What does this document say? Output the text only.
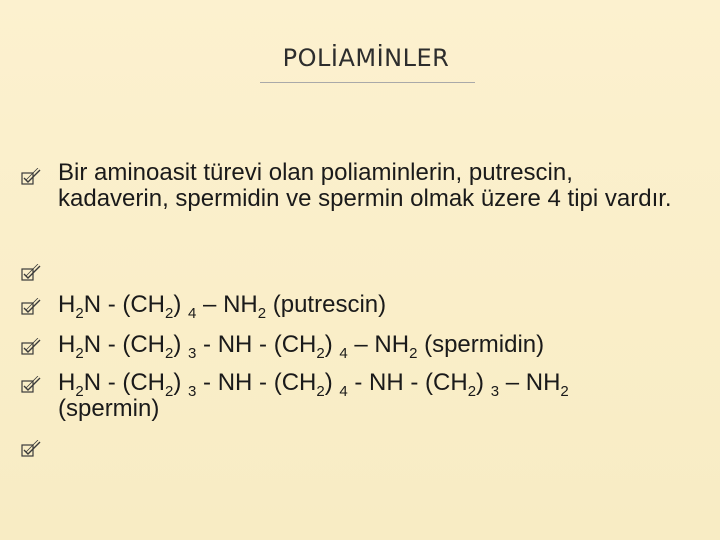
POLİAMİNLER
Bir aminoasit türevi olan poliaminlerin, putrescin, kadaverin, spermidin ve spermin olmak üzere 4 tipi vardır.
$H_2N - (CH_2)$ $_4 - NH_2$ (putrescin)
$H_2N - (CH_2)$ $_3$ - NH - $(CH_2)$ $_4 - NH_2$ (spermidin)
$H_2N - (CH_2)$ $_3$ - NH - $(CH_2)$ $_4$ - NH - $(CH_2)$ $_3 - NH_2$
(spermin)
